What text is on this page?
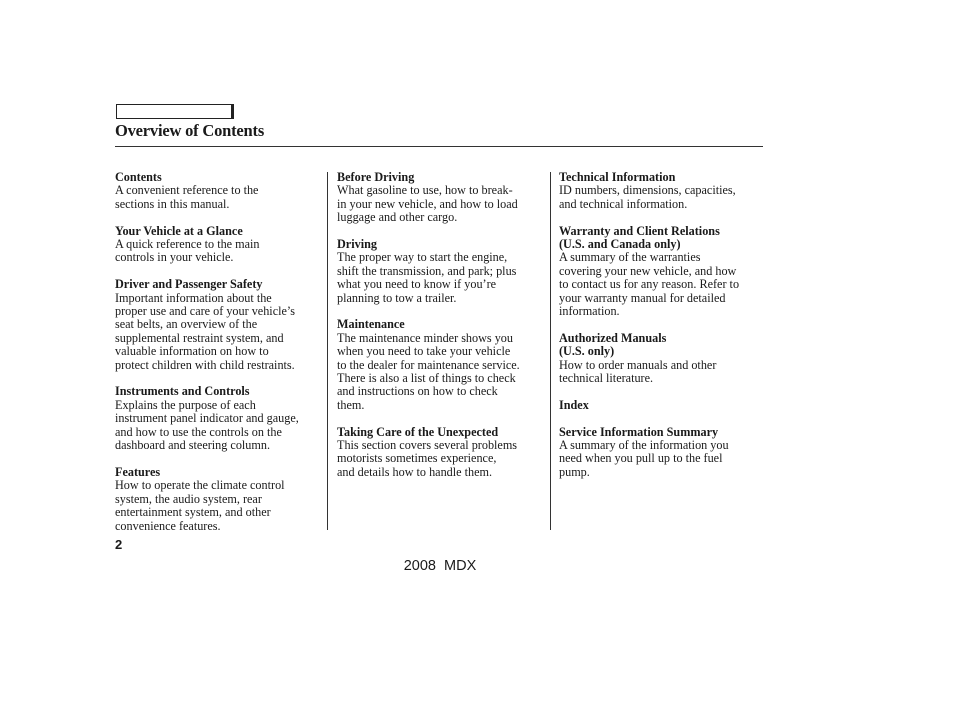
Overview of Contents
Contents
A convenient reference to the
sections in this manual.
Your Vehicle at a Glance
A quick reference to the main
controls in your vehicle.
Driver and Passenger Safety
Important information about the
proper use and care of your vehicle’s
seat belts, an overview of the
supplemental restraint system, and
valuable information on how to
protect children with child restraints.
Instruments and Controls
Explains the purpose of each
instrument panel indicator and gauge,
and how to use the controls on the
dashboard and steering column.
Features
How to operate the climate control
system, the audio system, rear
entertainment system, and other
convenience features.
Before Driving
What gasoline to use, how to break-
in your new vehicle, and how to load
luggage and other cargo.
Driving
The proper way to start the engine,
shift the transmission, and park; plus
what you need to know if you’re
planning to tow a trailer.
Maintenance
The maintenance minder shows you
when you need to take your vehicle
to the dealer for maintenance service.
There is also a list of things to check
and instructions on how to check
them.
Taking Care of the Unexpected
This section covers several problems
motorists sometimes experience,
and details how to handle them.
Technical Information
ID numbers, dimensions, capacities,
and technical information.
Warranty and Client Relations
(U.S. and Canada only)
A summary of the warranties
covering your new vehicle, and how
to contact us for any reason. Refer to
your warranty manual for detailed
information.
Authorized Manuals
(U.S. only)
How to order manuals and other
technical literature.
Index
Service Information Summary
A summary of the information you
need when you pull up to the fuel
pump.
2
2008  MDX
